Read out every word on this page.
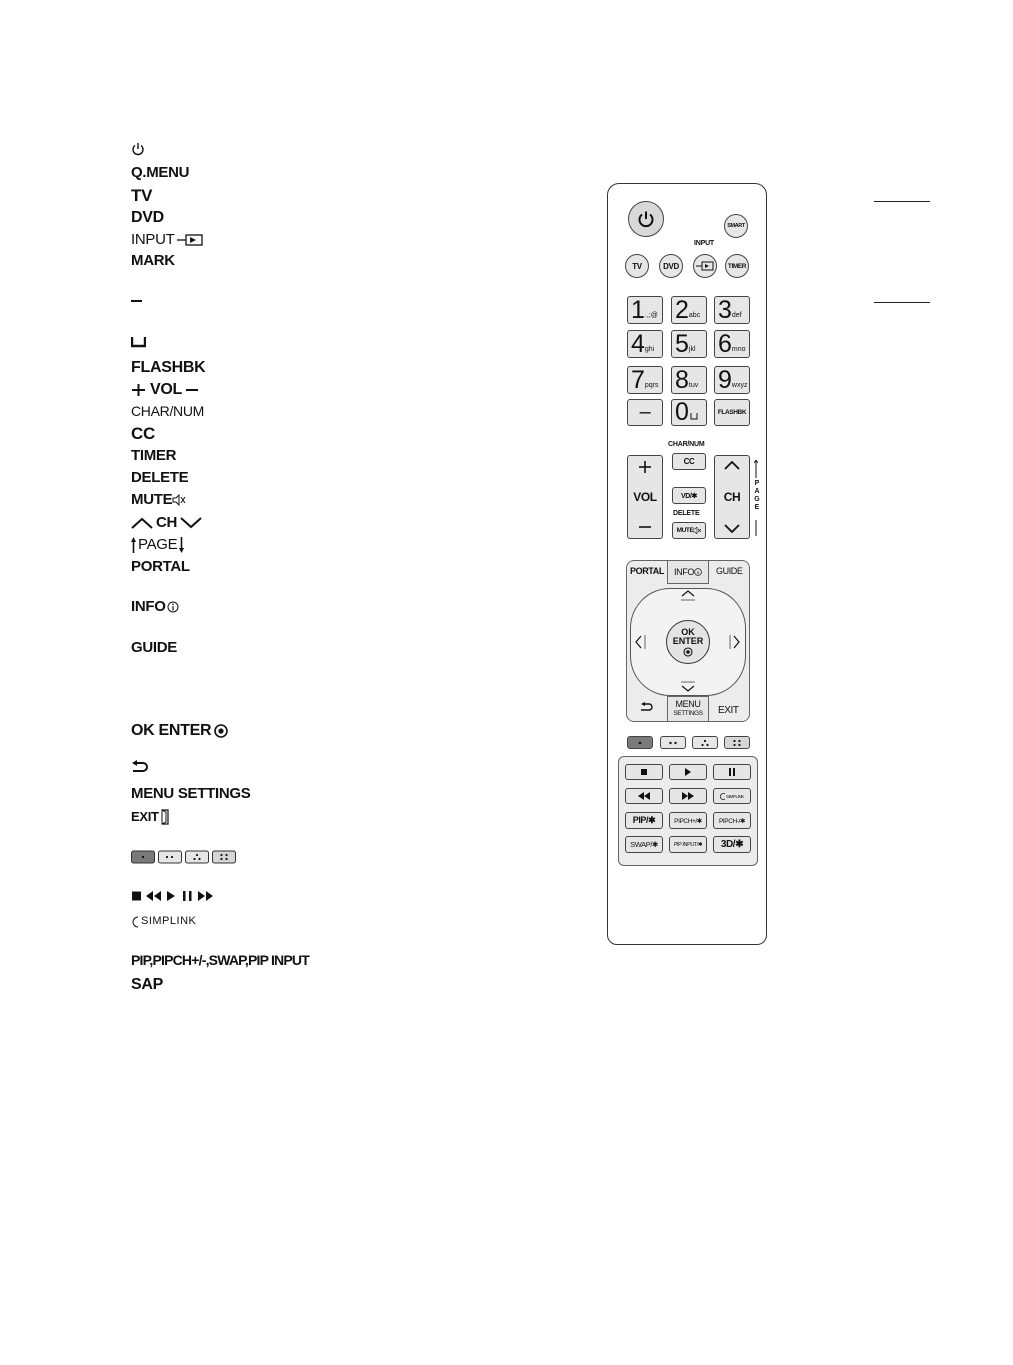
Q.MENU
TV
DVD
INPUT
MARK
FLASHBK
VOL
CHAR/NUM
CC
TIMER
DELETE
MUTE
CH
PAGE
PORTAL
INFO
GUIDE
OK ENTER
MENU SETTINGS
EXIT
SIMPLINK
PIP,PIPCH+/-,SWAP,PIP INPUT
SAP
SMART
INPUT
TV	DVD	TIMER
– 0	FLASHBK
CHAR/NUM
CC
VOL	CH
VD/✱
DELETE
MUTE
PAGE
PORTAL INFO GUIDE
OK
ENTER
MENU
SETTINGS EXIT
SIMPLINK
PIP/✱	PIPCH+/✱	PIPCH-/✱
SWAP/✱	PIP INPUT/✱	3D/✱
1 .,;@ 2 abc 3 def
4 ghi 5 jkl 6 mno
7 pqrs 8 tuv 9 wxyz
